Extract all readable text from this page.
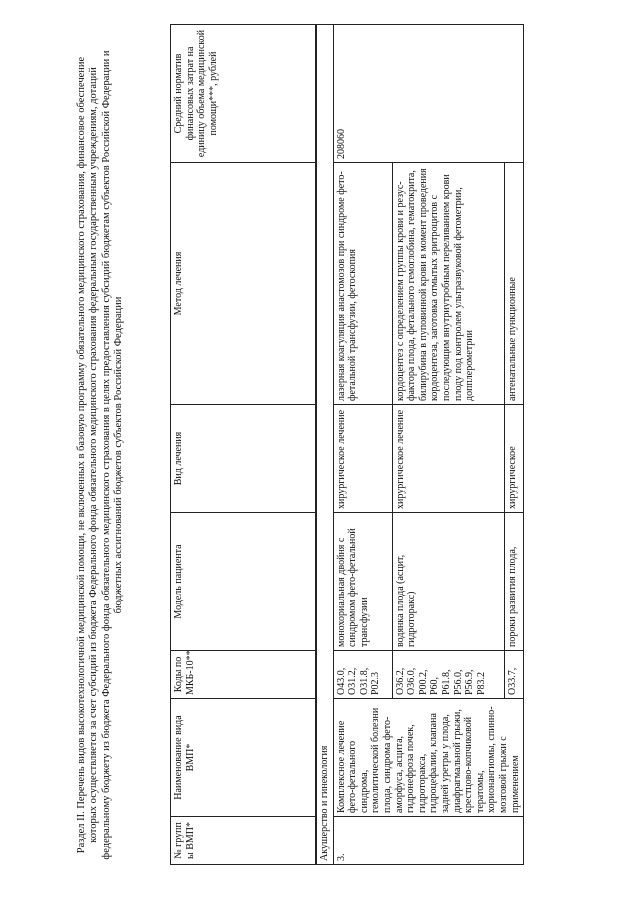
Раздел II. Перечень видов высокотехнологичной медицинской помощи, не включенных в базовую программу обязательного медицинского страхования, финансовое обеспечение которых осуществляется за счет субсидий из бюджета Федерального фонда обязательного медицинского страхования федеральным государственным учреждениям, дотаций федеральному бюджету из бюджета Федерального фонда обязательного медицинского страхования в целях предоставления субсидий бюджетам субъектов Российской Федерации и бюджетных ассигнований бюджетов субъектов Российской Федерации
№ групп ы ВМП*	Наименование вида ВМП*	Коды по МКБ-10**	Модель пациента	Вид лечения	Метод лечения	Средний норматив финансовых затрат на единицу объема медицинской помощи***, рублей
Акушерство и гинекология						
3.	Комплексное лечение фето-фетального синдрома, гемолитической болезни плода, синдрома фето-аморфуса, асцита, гидронефроза почек, гидроторакса, гидроцефалии, клапана задней уретры у плода, диафрагмальной грыжи, крестцово-копчиковой тератомы, хорионангиомы, спинно-мозговой грыжи с применением	O43.0, O31.2, O31.8, P02.3	монохориальная двойня с синдромом фето-фетальной трансфузии	хирургическое лечение	лазерная коагуляция анастомозов при синдроме фето-фетальной трансфузии, фетоскопия	208060
		O36.2, O36.0, P00.2, P60, P61.8, P56.0, P56.9, P83.2	водянка плода (асцит, гидроторакс)	хирургическое лечение	кордоцентез с определением группы крови и резус-фактора плода, фетального гемоглобина, гематокрита, билирубина в пуповинной крови в момент проведения кордоцентеза, заготовка отмытых эритроцитов с последующим внутриутробным переливанием крови плоду под контролем ультразвуковой фетометрии, допплерометрии	
		O33.7,	пороки развития плода,	хирургическое	антенатальные пункционные	
